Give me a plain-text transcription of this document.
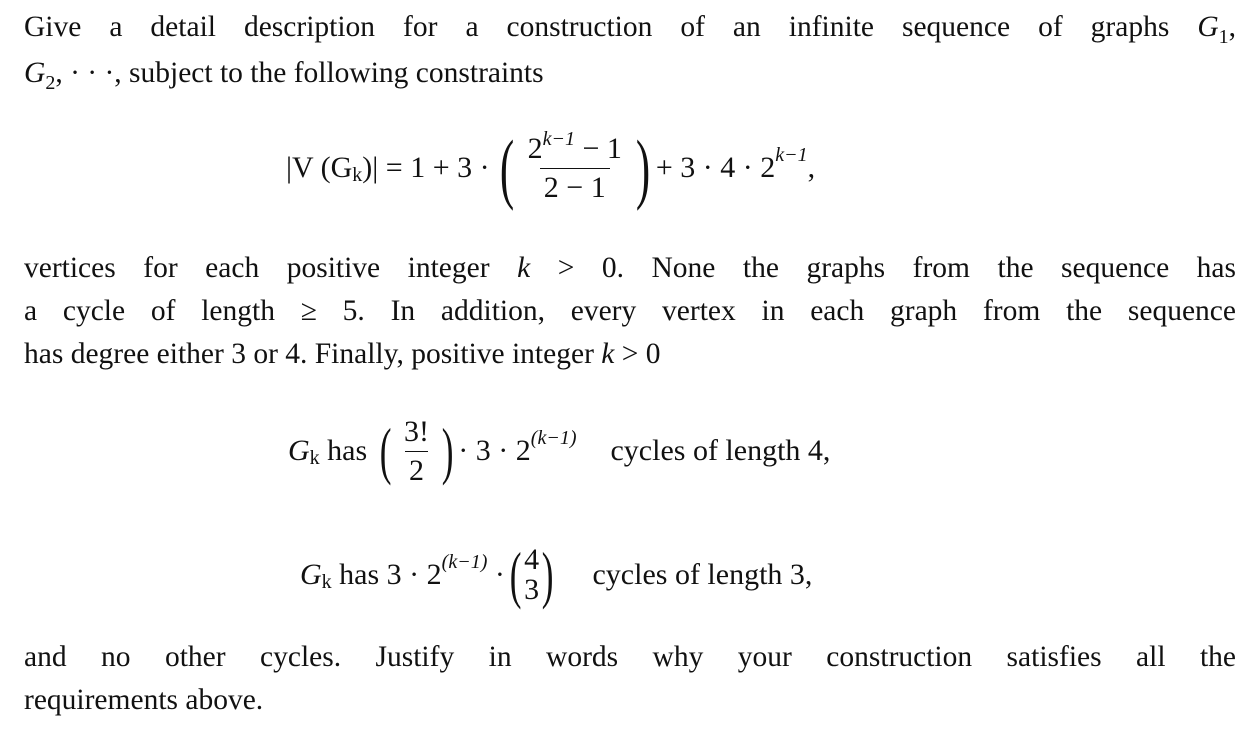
Give a detail description for a construction of an infinite sequence of graphs $G_1$,
$G_2$, · · ·, subject to the following constraints
|V (G k )| = 1 + 3 · ( $\frac{2^{k-1} - 1}{2 - 1}$ ) + 3 · 4 · 2 k−1 ,
vertices for each positive integer k > 0. None the graphs from the sequence has
a cycle of length ≥ 5. In addition, every vertex in each graph from the sequence
has degree either 3 or 4. Finally, positive integer k > 0
G k
has
( $\frac{3!}{2}$ ) · 3 · 2 (k−1) cycles of length 4,
G k
has 3 · 2 (k−1)
· ( 4
3 ) cycles of length 3,
and no other cycles. Justify in words why your construction satisfies all the
requirements above.
